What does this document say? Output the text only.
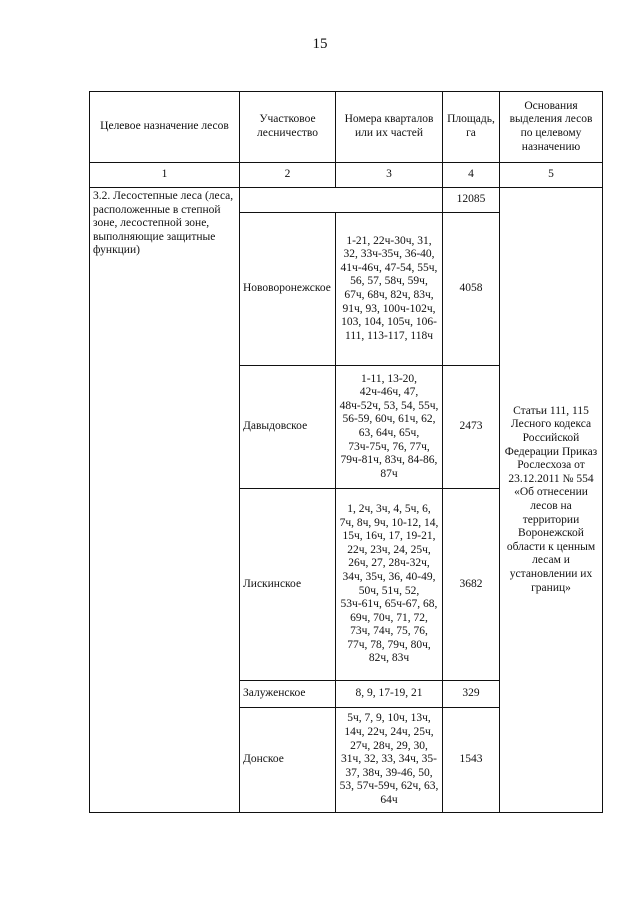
15
Целевое назначение лесов	Участковое лесничество	Номера кварталов или их частей	Площадь, га	Основания выделения лесов по целевому назначению
1	2	3	4	5
3.2. Лесостепные леса (леса, расположенные в степной зоне, лесостепной зоне, выполняющие защитные функции)			12085	Статьи 111, 115 Лесного кодекса Российской Федерации Приказ Рослесхоза от 23.12.2011 № 554 «Об отнесении лесов на территории Воронежской области к ценным лесам и установлении их границ»
	Нововоронежское	1-21, 22ч-30ч, 31, 32, 33ч-35ч, 36-40, 41ч-46ч, 47-54, 55ч, 56, 57, 58ч, 59ч, 67ч, 68ч, 82ч, 83ч, 91ч, 93, 100ч-102ч, 103, 104, 105ч, 106-111, 113-117, 118ч	4058	
	Давыдовское	1-11, 13-20, 42ч-46ч, 47, 48ч-52ч, 53, 54, 55ч, 56-59, 60ч, 61ч, 62, 63, 64ч, 65ч, 73ч-75ч, 76, 77ч, 79ч-81ч, 83ч, 84-86, 87ч	2473	
	Лискинское	1, 2ч, 3ч, 4, 5ч, 6, 7ч, 8ч, 9ч, 10-12, 14, 15ч, 16ч, 17, 19-21, 22ч, 23ч, 24, 25ч, 26ч, 27, 28ч-32ч, 34ч, 35ч, 36, 40-49, 50ч, 51ч, 52, 53ч-61ч, 65ч-67, 68, 69ч, 70ч, 71, 72, 73ч, 74ч, 75, 76, 77ч, 78, 79ч, 80ч, 82ч, 83ч	3682	
	Залуженское	8, 9, 17-19, 21	329	
	Донское	5ч, 7, 9, 10ч, 13ч, 14ч, 22ч, 24ч, 25ч, 27ч, 28ч, 29, 30, 31ч, 32, 33, 34ч, 35-37, 38ч, 39-46, 50, 53, 57ч-59ч, 62ч, 63, 64ч	1543	
